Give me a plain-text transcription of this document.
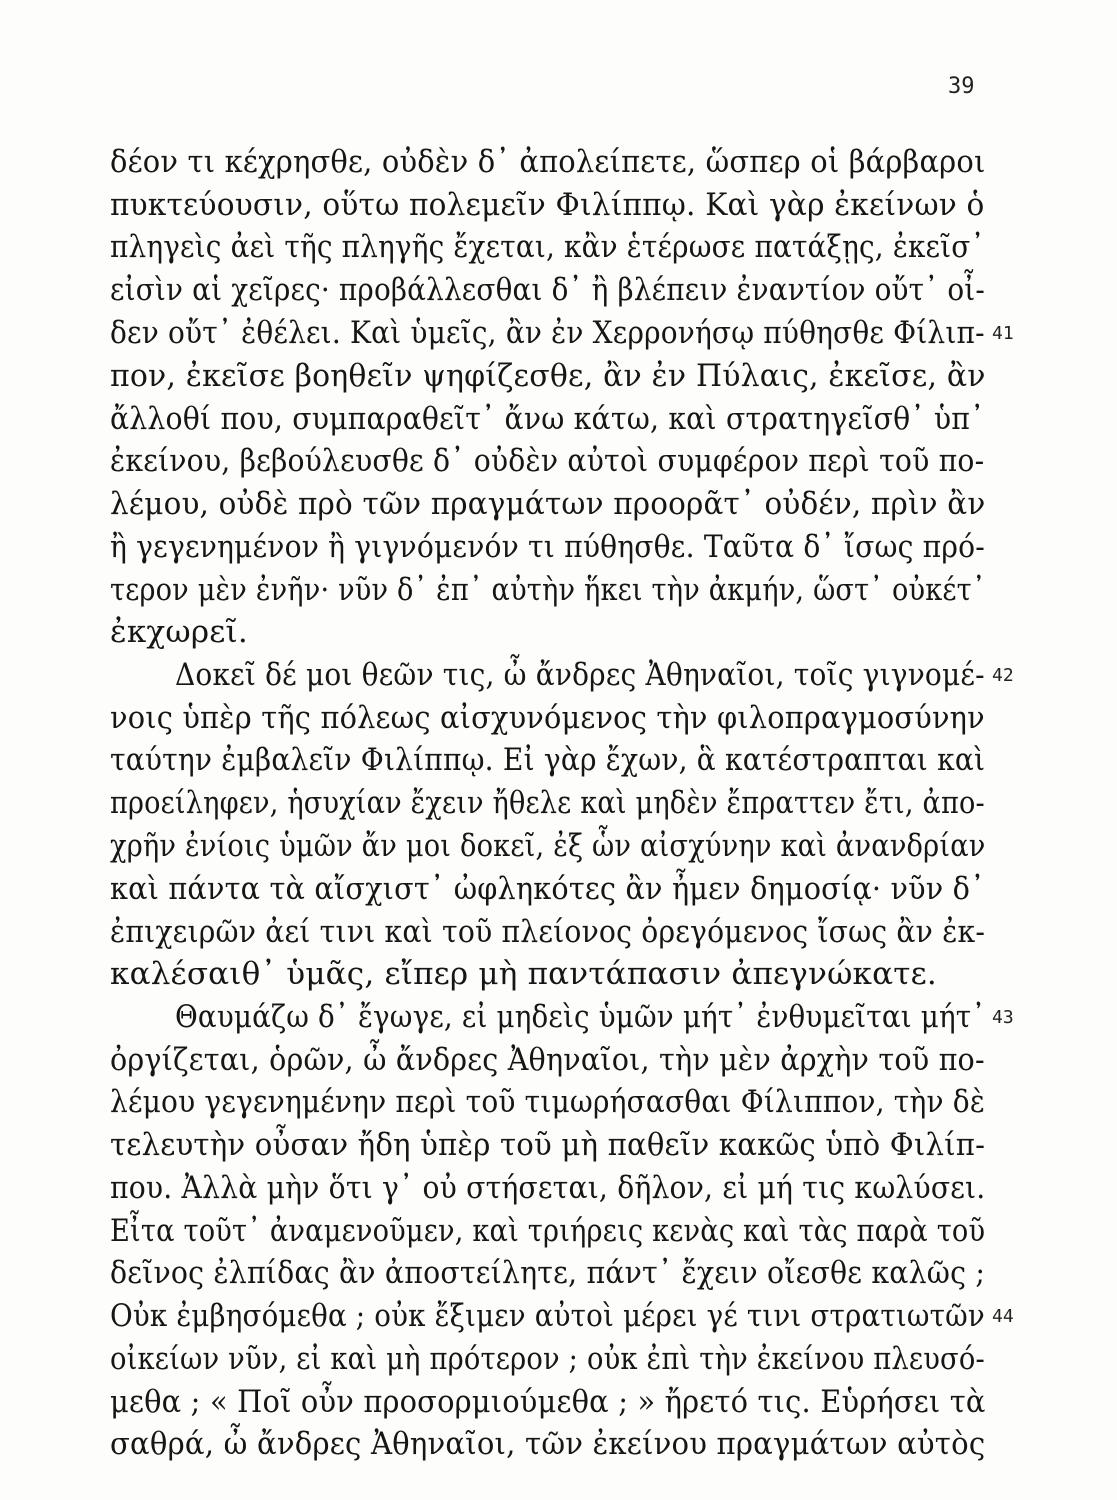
39
δέον τι κέχρησθε, οὐδὲν δ᾽ ἀπολείπετε, ὥσπερ οἱ βάρβαροι
πυκτεύουσιν, οὕτω πολεμεῖν Φιλίππῳ. Καὶ γὰρ ἐκείνων ὁ
πληγεὶς ἀεὶ τῆς πληγῆς ἔχεται, κἂν ἑτέρωσε πατάξῃς, ἐκεῖσ᾽
εἰσὶν αἱ χεῖρες· προβάλλεσθαι δ᾽ ἢ βλέπειν ἐναντίον οὔτ᾽ οἶ-
δεν οὔτ᾽ ἐθέλει. Καὶ ὑμεῖς, ἂν ἐν Χερρονήσῳ πύθησθε Φίλιπ-
πον, ἐκεῖσε βοηθεῖν ψηφίζεσθε, ἂν ἐν Πύλαις, ἐκεῖσε, ἂν
ἄλλοθί που, συμπαραθεῖτ᾽ ἄνω κάτω, καὶ στρατηγεῖσθ᾽ ὑπ᾽
ἐκείνου, βεβούλευσθε δ᾽ οὐδὲν αὐτοὶ συμφέρον περὶ τοῦ πο-
λέμου, οὐδὲ πρὸ τῶν πραγμάτων προορᾶτ᾽ οὐδέν, πρὶν ἂν
ἢ γεγενημένον ἢ γιγνόμενόν τι πύθησθε. Ταῦτα δ᾽ ἴσως πρό-
τερον μὲν ἐνῆν· νῦν δ᾽ ἐπ᾽ αὐτὴν ἥκει τὴν ἀκμήν, ὥστ᾽ οὐκέτ᾽
ἐκχωρεῖ.
Δοκεῖ δέ μοι θεῶν τις, ὦ ἄνδρες Ἀθηναῖοι, τοῖς γιγνομέ-
νοις ὑπὲρ τῆς πόλεως αἰσχυνόμενος τὴν φιλοπραγμοσύνην
ταύτην ἐμβαλεῖν Φιλίππῳ. Εἰ γὰρ ἔχων, ἃ κατέστραπται καὶ
προείληφεν, ἡσυχίαν ἔχειν ἤθελε καὶ μηδὲν ἔπραττεν ἔτι, ἀπο-
χρῆν ἐνίοις ὑμῶν ἄν μοι δοκεῖ, ἐξ ὧν αἰσχύνην καὶ ἀνανδρίαν
καὶ πάντα τὰ αἴσχιστ᾽ ὠφληκότες ἂν ἦμεν δημοσίᾳ· νῦν δ᾽
ἐπιχειρῶν ἀεί τινι καὶ τοῦ πλείονος ὀρεγόμενος ἴσως ἂν ἐκ-
καλέσαιθ᾽ ὑμᾶς, εἴπερ μὴ παντάπασιν ἀπεγνώκατε.
Θαυμάζω δ᾽ ἔγωγε, εἰ μηδεὶς ὑμῶν μήτ᾽ ἐνθυμεῖται μήτ᾽
ὀργίζεται, ὁρῶν, ὦ ἄνδρες Ἀθηναῖοι, τὴν μὲν ἀρχὴν τοῦ πο-
λέμου γεγενημένην περὶ τοῦ τιμωρήσασθαι Φίλιππον, τὴν δὲ
τελευτὴν οὖσαν ἤδη ὑπὲρ τοῦ μὴ παθεῖν κακῶς ὑπὸ Φιλίπ-
που. Ἀλλὰ μὴν ὅτι γ᾽ οὐ στήσεται, δῆλον, εἰ μή τις κωλύσει.
Εἶτα τοῦτ᾽ ἀναμενοῦμεν, καὶ τριήρεις κενὰς καὶ τὰς παρὰ τοῦ
δεῖνος ἐλπίδας ἂν ἀποστείλητε, πάντ᾽ ἔχειν οἴεσθε καλῶς ;
Οὐκ ἐμβησόμεθα ; οὐκ ἔξιμεν αὐτοὶ μέρει γέ τινι στρατιωτῶν
οἰκείων νῦν, εἰ καὶ μὴ πρότερον ; οὐκ ἐπὶ τὴν ἐκείνου πλευσό-
μεθα ; « Ποῖ οὖν προσορμιούμεθα ; » ἤρετό τις. Εὑρήσει τὰ
σαθρά, ὦ ἄνδρες Ἀθηναῖοι, τῶν ἐκείνου πραγμάτων αὐτὸς
41
42
43
44
